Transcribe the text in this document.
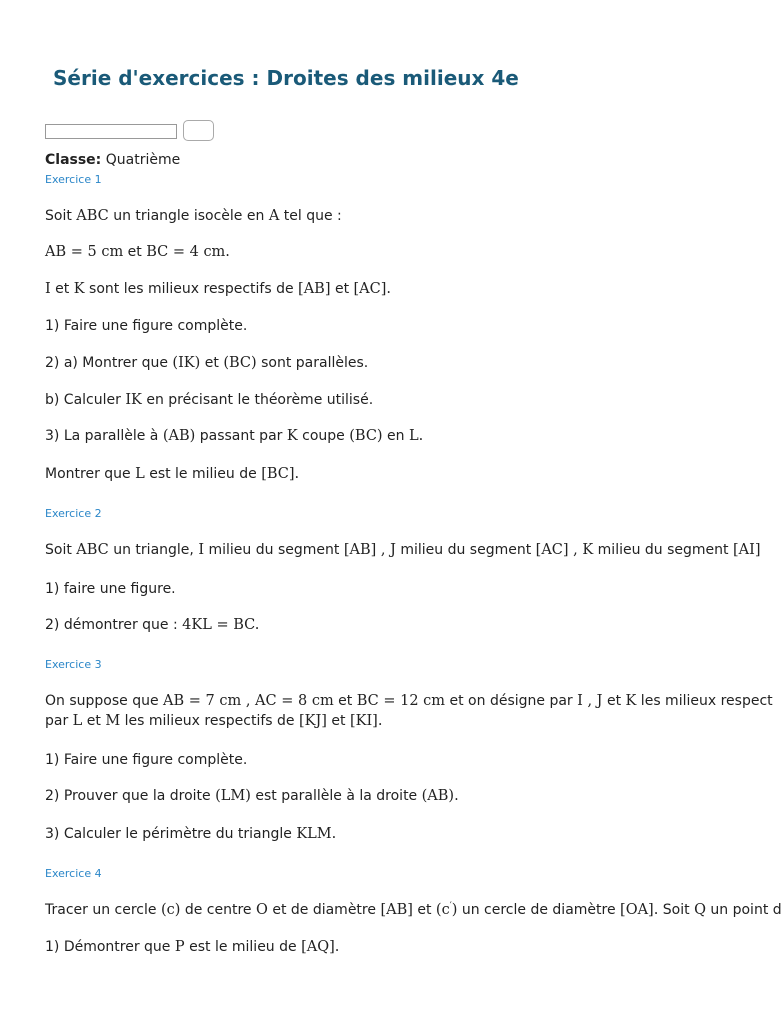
Série d'exercices : Droites des milieux 4e

Classe: Quatrième

Exercice 1

Soit ABC un triangle isocèle en A tel que :

AB = 5 cm et BC = 4 cm.

I et K sont les milieux respectifs de [AB] et [AC].

1) Faire une figure complète.

2) a) Montrer que (IK) et (BC) sont parallèles.

b) Calculer IK en précisant le théorème utilisé.

3) La parallèle à (AB) passant par K coupe (BC) en L.

Montrer que L est le milieu de [BC].

Exercice 2

Soit ABC un triangle, I milieu du segment [AB] , J milieu du segment [AC] , K milieu du segment [AI]

1) faire une figure.

2) démontrer que : 4KL = BC.

Exercice 3

On suppose que AB = 7 cm , AC = 8 cm et BC = 12 cm et on désigne par I , J et K les milieux respect

par L et M les milieux respectifs de [KJ] et [KI].

1) Faire une figure complète.

2) Prouver que la droite (LM) est parallèle à la droite (AB).

3) Calculer le périmètre du triangle KLM.

Exercice 4

Tracer un cercle (c) de centre O et de diamètre [AB] et (c′) un cercle de diamètre [OA]. Soit Q un point d

1) Démontrer que P est le milieu de [AQ].
